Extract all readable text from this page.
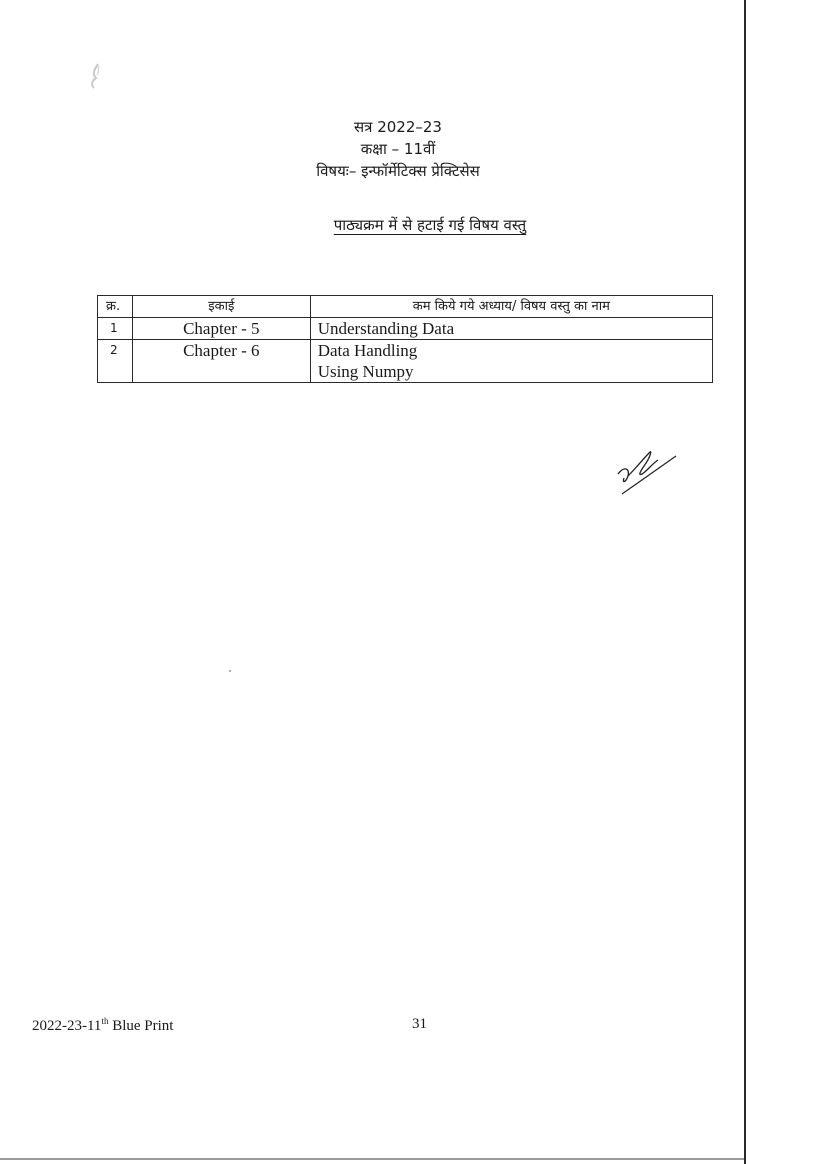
सत्र 2022–23
कक्षा – 11वीं
विषयः– इन्फॉर्मेटिक्स प्रेक्टिसेस
पाठ्यक्रम में से हटाई गई विषय वस्तु
क्र.	इकाई	कम किये गये अध्याय/ विषय वस्तु का नाम
1	Chapter - 5	Understanding Data

2	Chapter - 6	Data Handling
Using Numpy
2022-23-11th Blue Print	31
